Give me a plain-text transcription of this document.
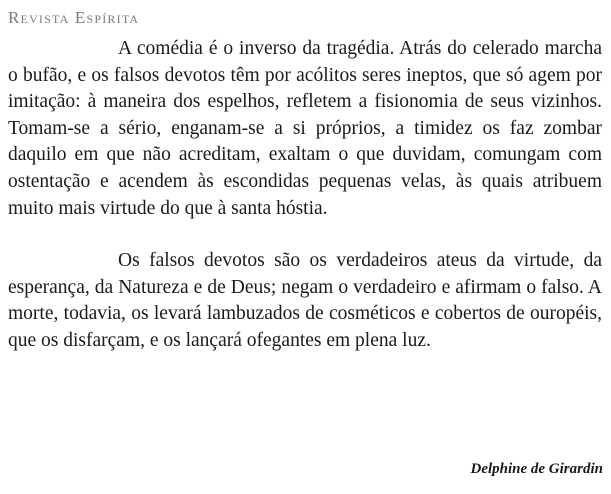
Revista Espírita

A comédia é o inverso da tragédia. Atrás do celerado marcha o bufão, e os falsos devotos têm por acólitos seres ineptos, que só agem por imitação: à maneira dos espelhos, refletem a fisionomia de seus vizinhos. Tomam-se a sério, enganam-se a si próprios, a timidez os faz zombar daquilo em que não acreditam, exaltam o que duvidam, comungam com ostentação e acendem às escondidas pequenas velas, às quais atribuem muito mais virtude do que à santa hóstia.

Os falsos devotos são os verdadeiros ateus da virtude, da esperança, da Natureza e de Deus; negam o verdadeiro e afirmam o falso. A morte, todavia, os levará lambuzados de cosméticos e cobertos de ouropéis, que os disfarçam, e os lançará ofegantes em plena luz.

Delphine de Girardin
